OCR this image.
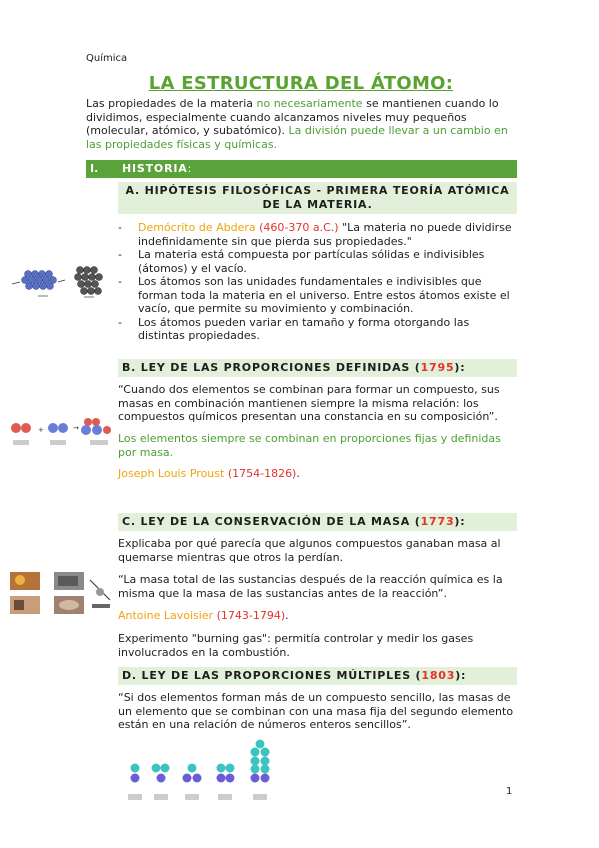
Química
LA ESTRUCTURA DEL ÁTOMO:
Las propiedades de la materia no necesariamente se mantienen cuando lo dividimos, especialmente cuando alcanzamos niveles muy pequeños (molecular, atómico, y subatómico). La división puede llevar a un cambio en las propiedades físicas y químicas.
I. HISTORIA:
A. HIPÓTESIS FILOSÓFICAS - PRIMERA TEORÍA ATÓMICA DE LA MATERIA.
- Demócrito de Abdera (460-370 a.C.) "La materia no puede dividirse indefinidamente sin que pierda sus propiedades."
- La materia está compuesta por partículas sólidas e indivisibles (átomos) y el vacío.
- Los átomos son las unidades fundamentales e indivisibles que forman toda la materia en el universo. Entre estos átomos existe el vacío, que permite su movimiento y combinación.
- Los átomos pueden variar en tamaño y forma otorgando las distintas propiedades.
B. LEY DE LAS PROPORCIONES DEFINIDAS (1795):
“Cuando dos elementos se combinan para formar un compuesto, sus masas en combinación mantienen siempre la misma relación: los compuestos químicos presentan una constancia en su composición”.
Los elementos siempre se combinan en proporciones fijas y definidas por masa.
Joseph Louis Proust (1754-1826).
+	→
C. LEY DE LA CONSERVACIÓN DE LA MASA (1773):
Explicaba por qué parecía que algunos compuestos ganaban masa al quemarse mientras que otros la perdían.
“La masa total de las sustancias después de la reacción química es la misma que la masa de las sustancias antes de la reacción”.
Antoine Lavoisier (1743-1794).
Experimento "burning gas": permitía controlar y medir los gases involucrados en la combustión.
D. LEY DE LAS PROPORCIONES MÚLTIPLES (1803):
“Si dos elementos forman más de un compuesto sencillo, las masas de un elemento que se combinan con una masa fija del segundo elemento están en una relación de números enteros sencillos”.
1
